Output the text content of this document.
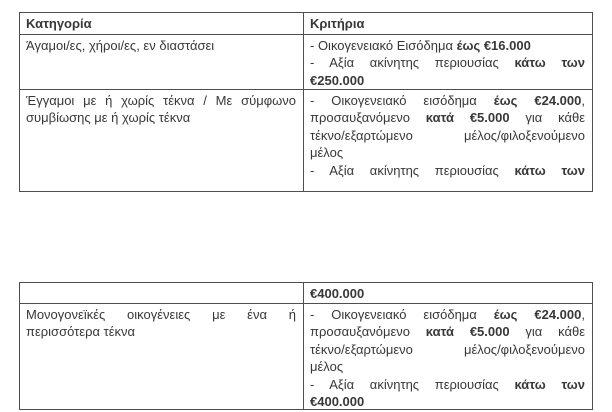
Κατηγορία	Κριτήρια
Άγαμοι/ες, χήροι/ες, εν διαστάσει	- Οικογενειακό Εισόδημα έως €16.000
- Αξία ακίνητης περιουσίας κάτω των
€250.000
Έγγαμοι με ή χωρίς τέκνα / Με σύμφωνο
συμβίωσης με ή χωρίς τέκνα
- Οικογενειακό εισόδημα έως €24.000,
προσαυξανόμενο κατά €5.000 για κάθε
τέκνο/εξαρτώμενο μέλος/φιλοξενούμενο
μέλος
- Αξία ακίνητης περιουσίας κάτω των
€400.000
Μονογονεϊκές οικογένειες με ένα ή
περισσότερα τέκνα
- Οικογενειακό εισόδημα έως €24.000,
προσαυξανόμενο κατά €5.000 για κάθε
τέκνο/εξαρτώμενο μέλος/φιλοξενούμενο
μέλος
- Αξία ακίνητης περιουσίας κάτω των
€400.000
